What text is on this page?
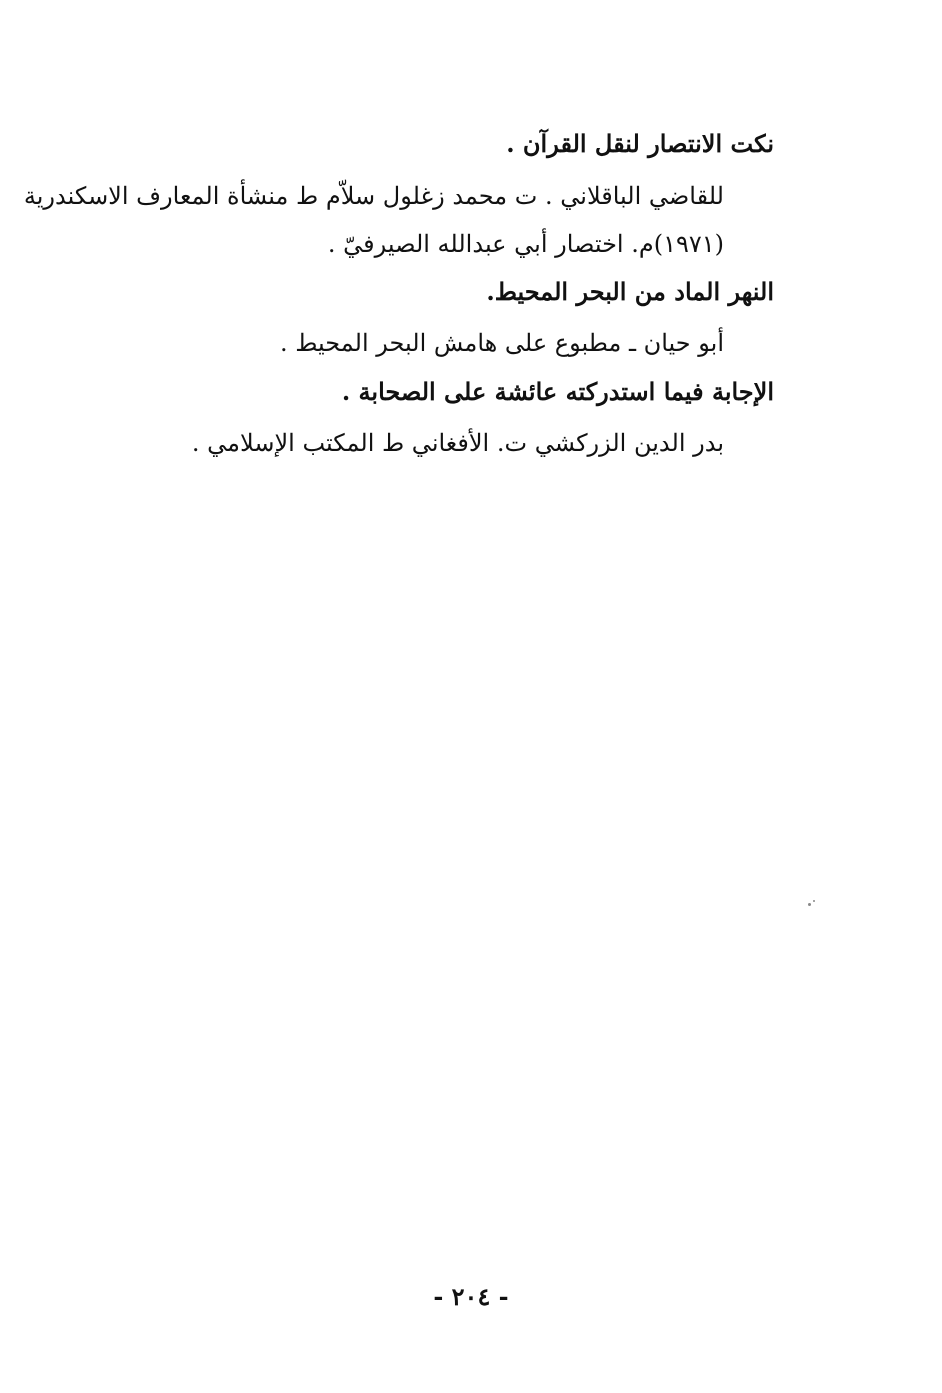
نكت الانتصار لنقل القرآن .
للقاضي الباقلاني . ت محمد زغلول سلاّم ط منشأة المعارف الاسكندرية
(١٩٧١)م. اختصار أبي عبدالله الصيرفيّ .
النهر الماد من البحر المحيط.
أبو حيان ـ مطبوع على هامش البحر المحيط .
الإجابة فيما استدركته عائشة على الصحابة .
بدر الدين الزركشي ت. الأفغاني ط المكتب الإسلامي .
- ٢٠٤ -
